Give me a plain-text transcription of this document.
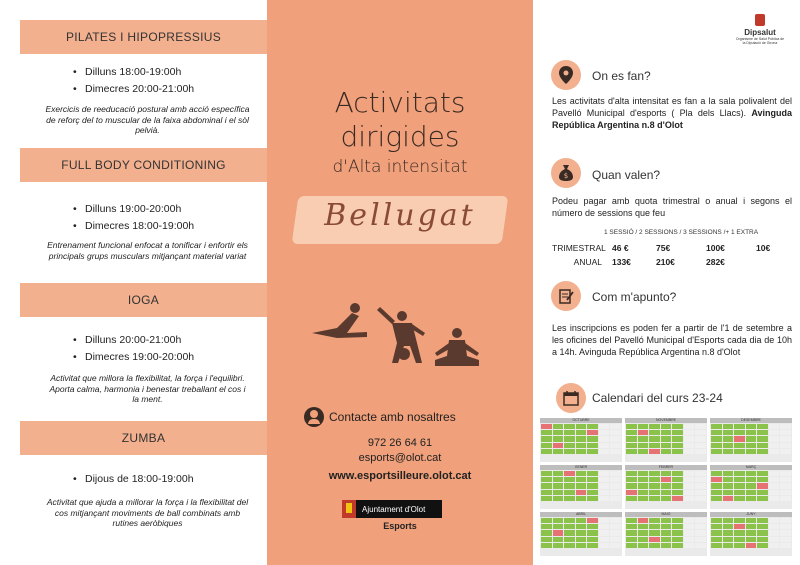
PILATES I HIPOPRESSIUS
• Dilluns 18:00-19:00h
• Dimecres 20:00-21:00h
Exercicis de reeducació postural amb acció específica de reforç del to muscular de la faixa abdominal i el sòl pelvià.
FULL BODY CONDITIONING
• Dilluns 19:00-20:00h
• Dimecres 18:00-19:00h
Entrenament funcional enfocat a tonificar i enfortir els principals grups musculars mitjançant material variat
IOGA
• Dilluns 20:00-21:00h
• Dimecres 19:00-20:00h
Activitat que millora la flexibilitat, la força i l'equilibri. Aporta calma, harmonia i benestar treballant el cos i la ment.
ZUMBA
• Dijous de 18:00-19:00h
Activitat que ajuda a millorar la força i la flexibilitat del cos mitjançant moviments de ball combinats amb rutines aeròbiques
Activitats
dirigides
d'Alta intensitat
Bellugat
Contacte amb nosaltres
972 26 64 61
esports@olot.cat
www.esportsilleure.olot.cat
Ajuntament d'Olot
Esports
Dipsalut
Organisme de Salut Pública de la Diputació de Girona
On es fan?
Les activitats d'alta intensitat es fan a la sala polivalent del Pavelló Municipal d'esports ( Pla dels Llacs). Avinguda República Argentina n.8 d'Olot
$ Quan valen?
Podeu pagar amb quota trimestral o anual i segons el número de sessions que feu
1 SESSIÓ / 2 SESSIONS / 3 SESSIONS /+ 1 EXTRA
TRIMESTRAL	46 €	75€	100€	10€
ANUAL	133€	210€	282€	
Com m'apunto?
Les inscripcions es poden fer a partir de l'1 de setembre a les oficines del Pavelló Municipal d'Esports cada dia de 10h a 14h. Avinguda República Argentina n.8 d'Olot
Calendari del curs 23-24
OCTUBRE	NOVEMBRE	DESEMBRE
GENER	FEBRER	MARÇ
ABRIL	MAIG	JUNY
